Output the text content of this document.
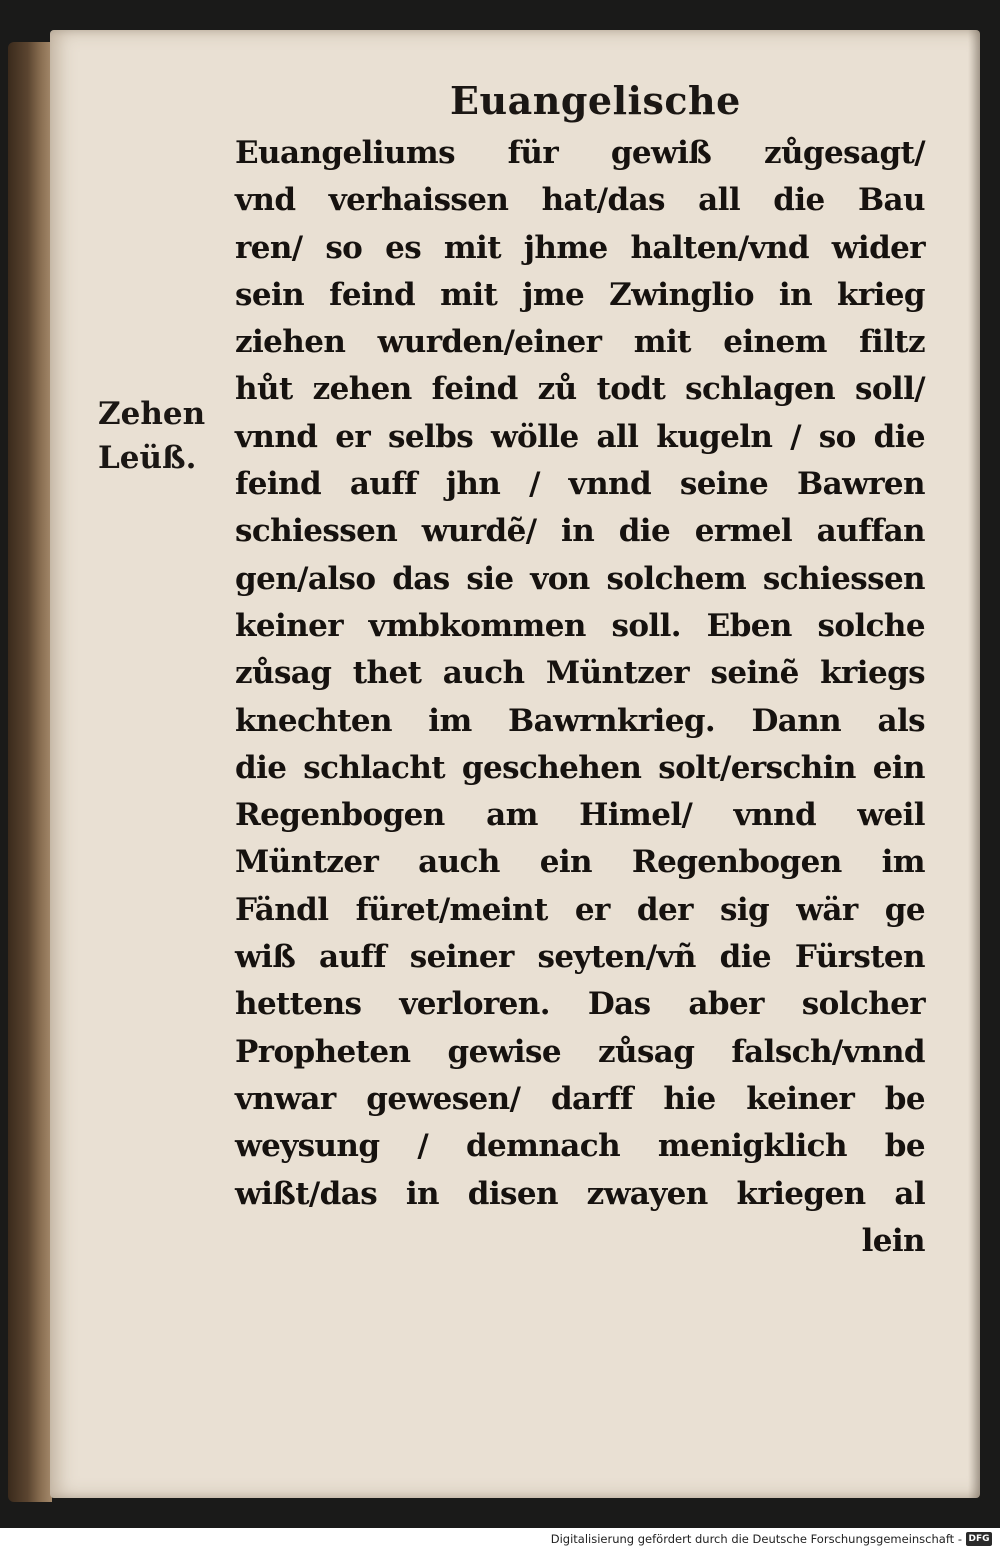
Euangelische
Zehen
Leüß.
Euangeliums für gewiß zůgesagt/
vnd verhaissen hat/das all die Bau
ren/ so es mit jhme halten/vnd wider
sein feind mit jme Zwinglio in krieg
ziehen wurden/einer mit einem filtz
hůt zehen feind zů todt schlagen soll/
vnnd er selbs wölle all kugeln / so die
feind auff jhn / vnnd seine Bawren
schiessen wurdẽ/ in die ermel auffan
gen/also das sie von solchem schiessen
keiner vmbkommen soll. Eben solche
zůsag thet auch Müntzer seinẽ kriegs
knechten im Bawrnkrieg. Dann als
die schlacht geschehen solt/erschin ein
Regenbogen am Himel/ vnnd weil
Müntzer auch ein Regenbogen im
Fändl füret/meint er der sig wär ge
wiß auff seiner seyten/vñ die Fürsten
hettens verloren. Das aber solcher
Propheten gewise zůsag falsch/vnnd
vnwar gewesen/ darff hie keiner be
weysung / demnach menigklich be
wißt/das in disen zwayen kriegen al
lein
Digitalisierung gefördert durch die Deutsche Forschungsgemeinschaft - DFG
